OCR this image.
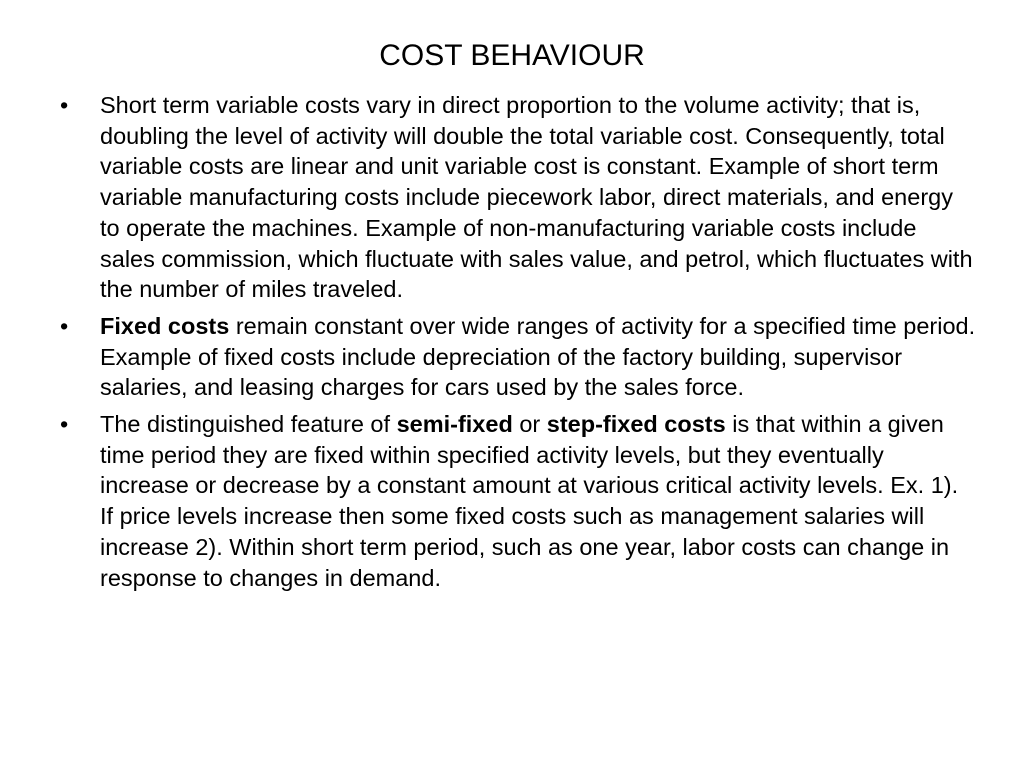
COST BEHAVIOUR
• Short term variable costs vary in direct proportion to the volume activity; that is, doubling the level of activity will double the total variable cost. Consequently, total variable costs are linear and unit variable cost is constant. Example of short term variable manufacturing costs include piecework labor, direct materials, and energy to operate the machines. Example of non-manufacturing variable costs include sales commission, which fluctuate with sales value, and petrol, which fluctuates with the number of miles traveled.
• Fixed costs remain constant over wide ranges of activity for a specified time period. Example of fixed costs include depreciation of the factory building, supervisor salaries, and leasing charges for cars used by the sales force.
• The distinguished feature of semi-fixed or step-fixed costs is that within a given time period they are fixed within specified activity levels, but they eventually increase or decrease by a constant amount at various critical activity levels. Ex. 1). If price levels increase then some fixed costs such as management salaries will increase 2). Within short term period, such as one year, labor costs can change in response to changes in demand.
